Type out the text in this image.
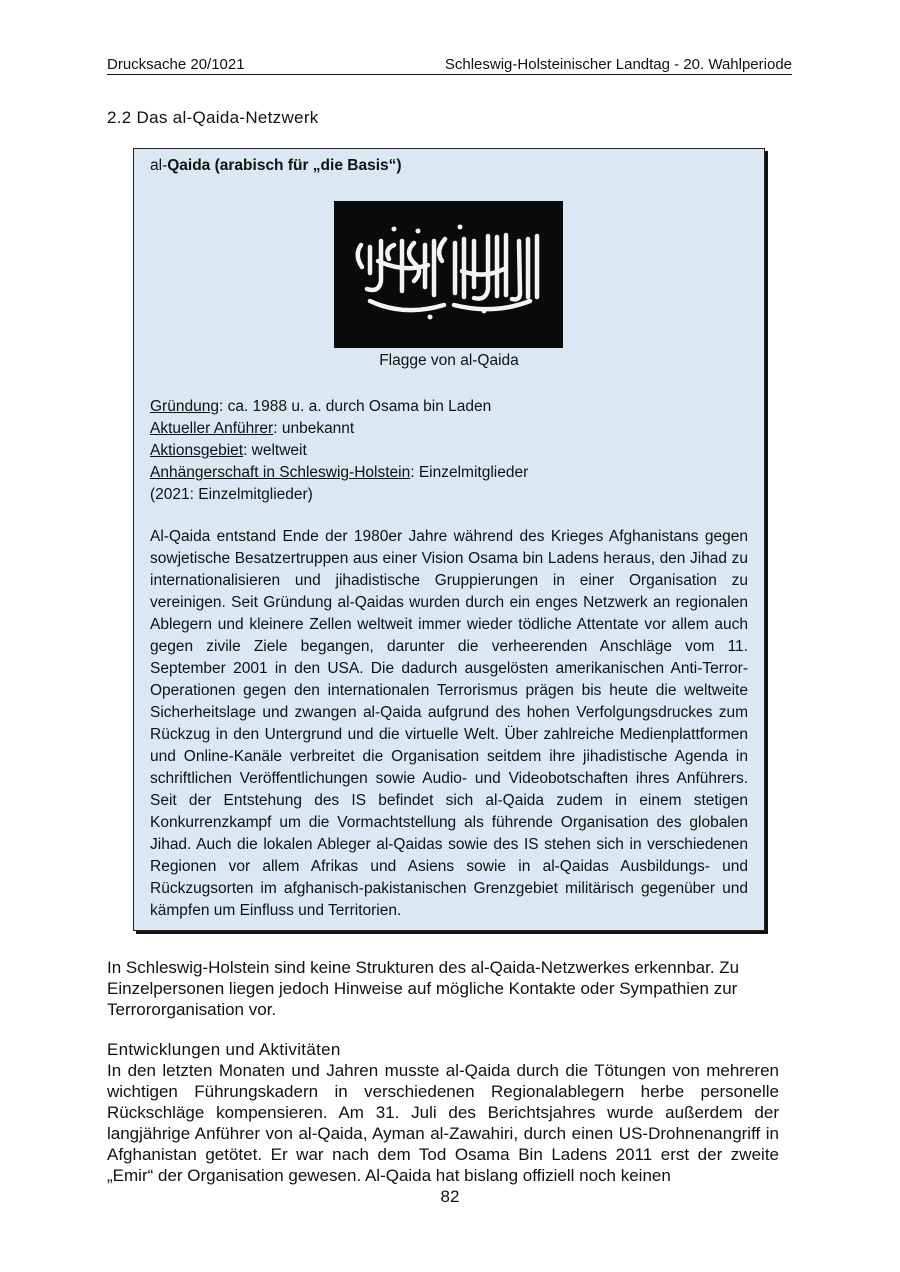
Drucksache 20/1021	Schleswig-Holsteinischer Landtag - 20. Wahlperiode
2.2 Das al-Qaida-Netzwerk
al-Qaida (arabisch für „die Basis“)
Flagge von al-Qaida
Gründung: ca. 1988 u. a. durch Osama bin Laden
Aktueller Anführer: unbekannt
Aktionsgebiet: weltweit
Anhängerschaft in Schleswig-Holstein: Einzelmitglieder
(2021: Einzelmitglieder)
Al-Qaida entstand Ende der 1980er Jahre während des Krieges Afghanistans gegen sowjetische Besatzertruppen aus einer Vision Osama bin Ladens heraus, den Jihad zu internationalisieren und jihadistische Gruppierungen in einer Organisation zu vereinigen. Seit Gründung al-Qaidas wurden durch ein enges Netzwerk an regionalen Ablegern und kleinere Zellen weltweit immer wieder tödliche Attentate vor allem auch gegen zivile Ziele begangen, darunter die verheerenden Anschläge vom 11. September 2001 in den USA. Die dadurch ausgelösten amerikanischen Anti-Terror-Operationen gegen den internationalen Terrorismus prägen bis heute die weltweite Sicherheitslage und zwangen al-Qaida aufgrund des hohen Verfolgungsdruckes zum Rückzug in den Untergrund und die virtuelle Welt. Über zahlreiche Medienplattformen und Online-Kanäle verbreitet die Organisation seitdem ihre jihadistische Agenda in schriftlichen Veröffentlichungen sowie Audio- und Videobotschaften ihres Anführers. Seit der Entstehung des IS befindet sich al-Qaida zudem in einem stetigen Konkurrenzkampf um die Vormachtstellung als führende Organisation des globalen Jihad. Auch die lokalen Ableger al-Qaidas sowie des IS stehen sich in verschiedenen Regionen vor allem Afrikas und Asiens sowie in al-Qaidas Ausbildungs- und Rückzugsorten im afghanisch-pakistanischen Grenzgebiet militärisch gegenüber und kämpfen um Einfluss und Territorien.
In Schleswig-Holstein sind keine Strukturen des al-Qaida-Netzwerkes erkennbar. Zu Einzelpersonen liegen jedoch Hinweise auf mögliche Kontakte oder Sympathien zur Terrororganisation vor.
Entwicklungen und Aktivitäten
In den letzten Monaten und Jahren musste al-Qaida durch die Tötungen von mehreren wichtigen Führungskadern in verschiedenen Regionalablegern herbe personelle Rückschläge kompensieren. Am 31. Juli des Berichtsjahres wurde außerdem der langjährige Anführer von al-Qaida, Ayman al-Zawahiri, durch einen US-Drohnenangriff in Afghanistan getötet. Er war nach dem Tod Osama Bin Ladens 2011 erst der zweite „Emir“ der Organisation gewesen. Al-Qaida hat bislang offiziell noch keinen
82
